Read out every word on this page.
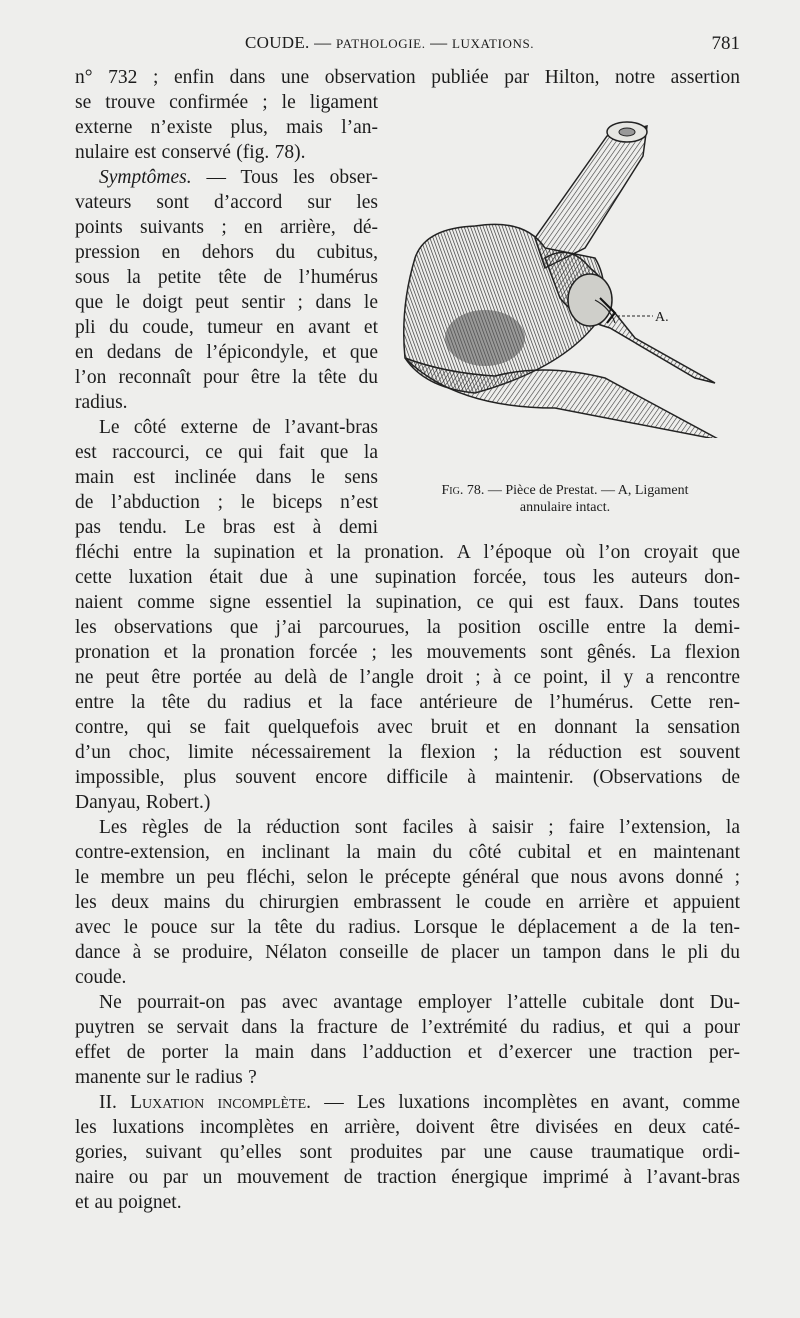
COUDE. — PATHOLOGIE. — LUXATIONS.	781
A.
Fig. 78. — Pièce de Prestat. — A, Ligament
annulaire intact.
n° 732 ; enfin dans une observation publiée par Hilton, notre assertion
se trouve confirmée ; le ligament
externe n’existe plus, mais l’an-
nulaire est conservé (fig. 78).
Symptômes. — Tous les obser-
vateurs sont d’accord sur les
points suivants ; en arrière, dé-
pression en dehors du cubitus,
sous la petite tête de l’humérus
que le doigt peut sentir ; dans le
pli du coude, tumeur en avant et
en dedans de l’épicondyle, et que
l’on reconnaît pour être la tête du
radius.
Le côté externe de l’avant-bras
est raccourci, ce qui fait que la
main est inclinée dans le sens
de l’abduction ; le biceps n’est
pas tendu. Le bras est à demi
fléchi entre la supination et la pronation. A l’époque où l’on croyait que
cette luxation était due à une supination forcée, tous les auteurs don-
naient comme signe essentiel la supination, ce qui est faux. Dans toutes
les observations que j’ai parcourues, la position oscille entre la demi-
pronation et la pronation forcée ; les mouvements sont gênés. La flexion
ne peut être portée au delà de l’angle droit ; à ce point, il y a rencontre
entre la tête du radius et la face antérieure de l’humérus. Cette ren-
contre, qui se fait quelquefois avec bruit et en donnant la sensation
d’un choc, limite nécessairement la flexion ; la réduction est souvent
impossible, plus souvent encore difficile à maintenir. (Observations de
Danyau, Robert.)
Les règles de la réduction sont faciles à saisir ; faire l’extension, la
contre-extension, en inclinant la main du côté cubital et en maintenant
le membre un peu fléchi, selon le précepte général que nous avons donné ;
les deux mains du chirurgien embrassent le coude en arrière et appuient
avec le pouce sur la tête du radius. Lorsque le déplacement a de la ten-
dance à se produire, Nélaton conseille de placer un tampon dans le pli du
coude.
Ne pourrait-on pas avec avantage employer l’attelle cubitale dont Du-
puytren se servait dans la fracture de l’extrémité du radius, et qui a pour
effet de porter la main dans l’adduction et d’exercer une traction per-
manente sur le radius ?
II. Luxation incomplète. — Les luxations incomplètes en avant, comme
les luxations incomplètes en arrière, doivent être divisées en deux caté-
gories, suivant qu’elles sont produites par une cause traumatique ordi-
naire ou par un mouvement de traction énergique imprimé à l’avant-bras
et au poignet.
